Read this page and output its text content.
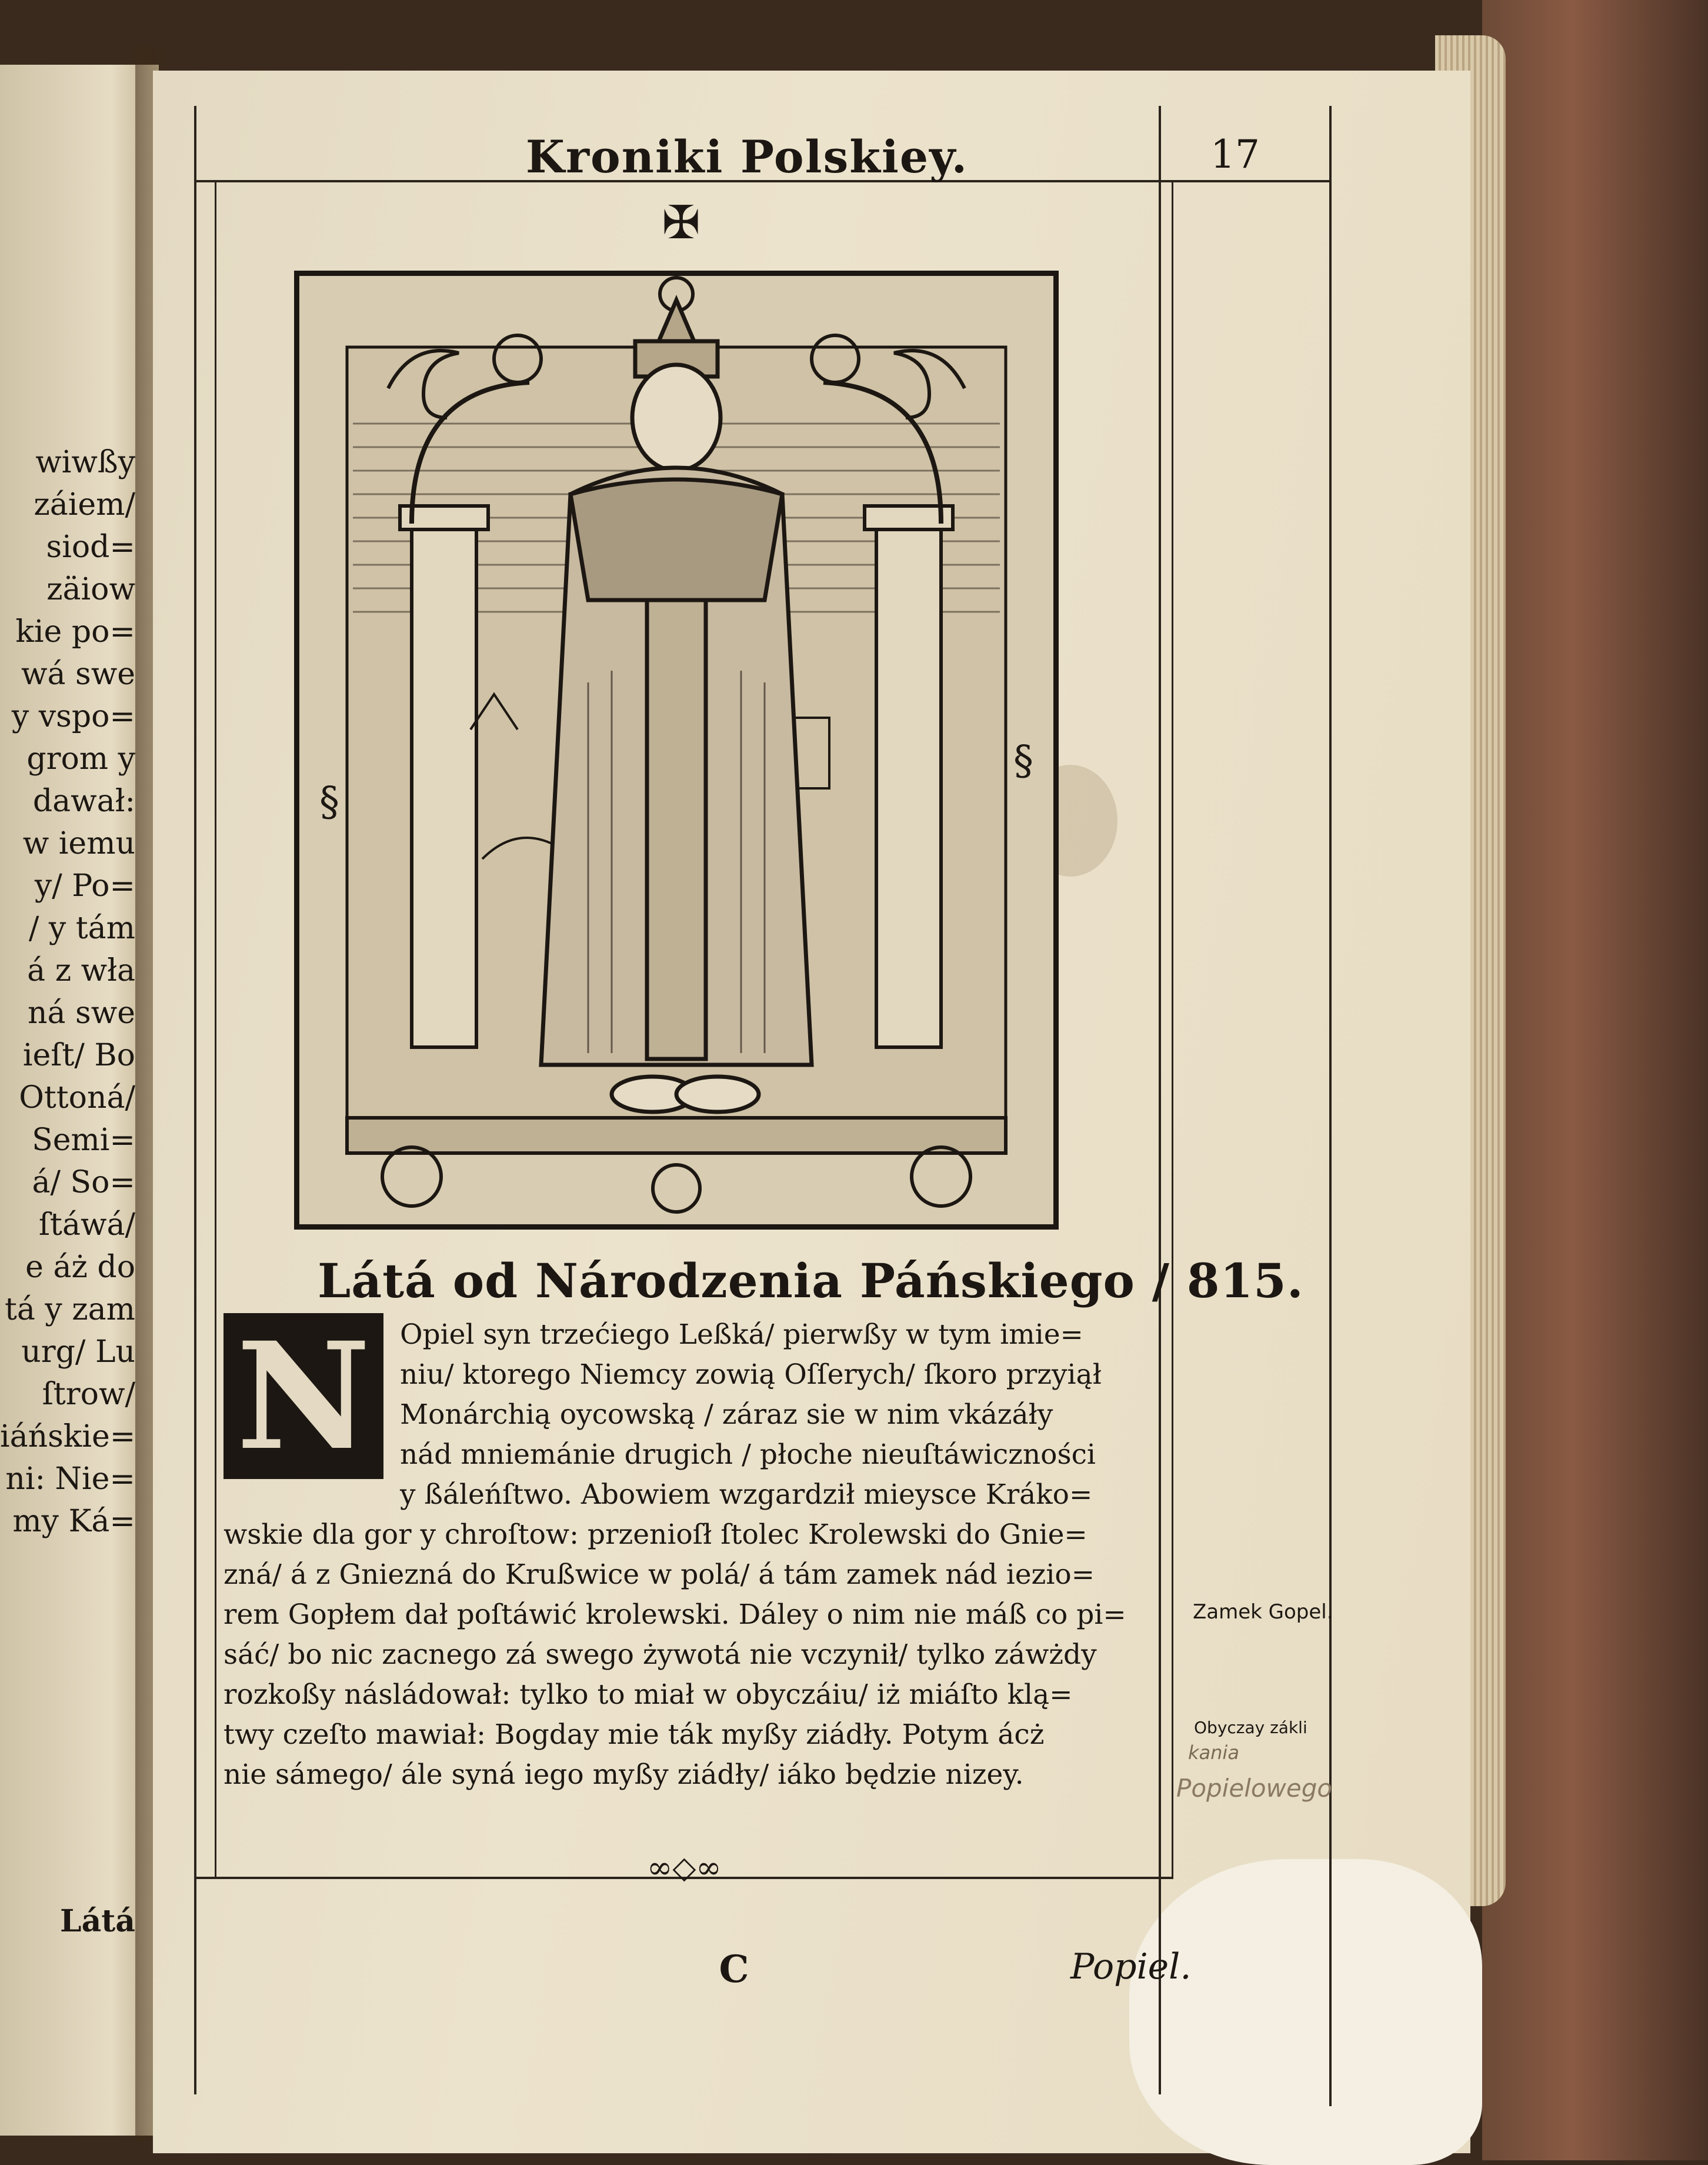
wiwßy
záiem/
siod=
zäiow
kie po=
wá swe
y vspo=
grom y
dawał:
w iemu
y/ Po=
/ y tám
á z wła
ná swe
ieſt/ Bo
Ottoná/
Semi=
á/ So=
ſtáwá/
e áż do
tá y zam
urg/ Lu
ſtrow/
iáńskie=
ni: Nie=
my Ká=
Látá
Kroniki Polskiey.	17
✠
§
§
Látá od Národzenia Páńskiego / 815.
N	Opiel syn trzećiego Leßká/ pierwßy w tym imie=
niu/ ktorego Niemcy zowią Oſſerych/ ſkoro przyiął
Monárchią oycowską / záraz sie w nim vkázáły
nád mniemánie drugich / płoche nieuſtáwiczności
y ßáleńſtwo. Abowiem wzgardził mieysce Kráko=
wskie dla gor y chroſtow: przenioſł ſtolec Krolewski do Gnie=
zná/ á z Gniezná do Krußwice w polá/ á tám zamek nád iezio=
rem Gopłem dał poſtáwić krolewski. Dáley o nim nie máß co pi=
sáć/ bo nic zacnego zá swego żywotá nie vczynił/ tylko záwżdy
rozkoßy násládował: tylko to miał w obyczáiu/ iż miáſto klą=
twy czeſto mawiał: Bogday mie ták myßy ziádły. Potym ácż
nie sámego/ ále syná iego myßy ziádły/ iáko będzie nizey.
Zamek Gopel.
Obyczay zákli
kania
Popielowego
∞◇∞
C	Popiel.
